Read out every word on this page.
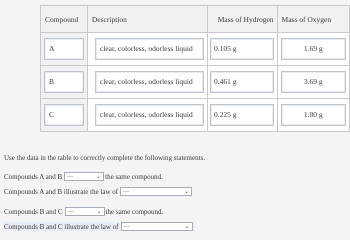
Compound	Description	Mass of Hydrogen	Mass of Oxygen

A	clear, colorless, odorless liquid	0.105 g	1.69 g

B	clear, colorless, odorless liquid	0.461 g	3.69 g

C	clear, colorless, odorless liquid	0.225 g	1.80 g
Use the data in the table to correctly complete the following statements.
Compounds A and B ---	⌄ the same compound.
Compounds A and B illustrate the law of ---	⌄
Compounds B and C ---	⌄ the same compound.
Compounds B and C illustrate the law of ---	⌄
